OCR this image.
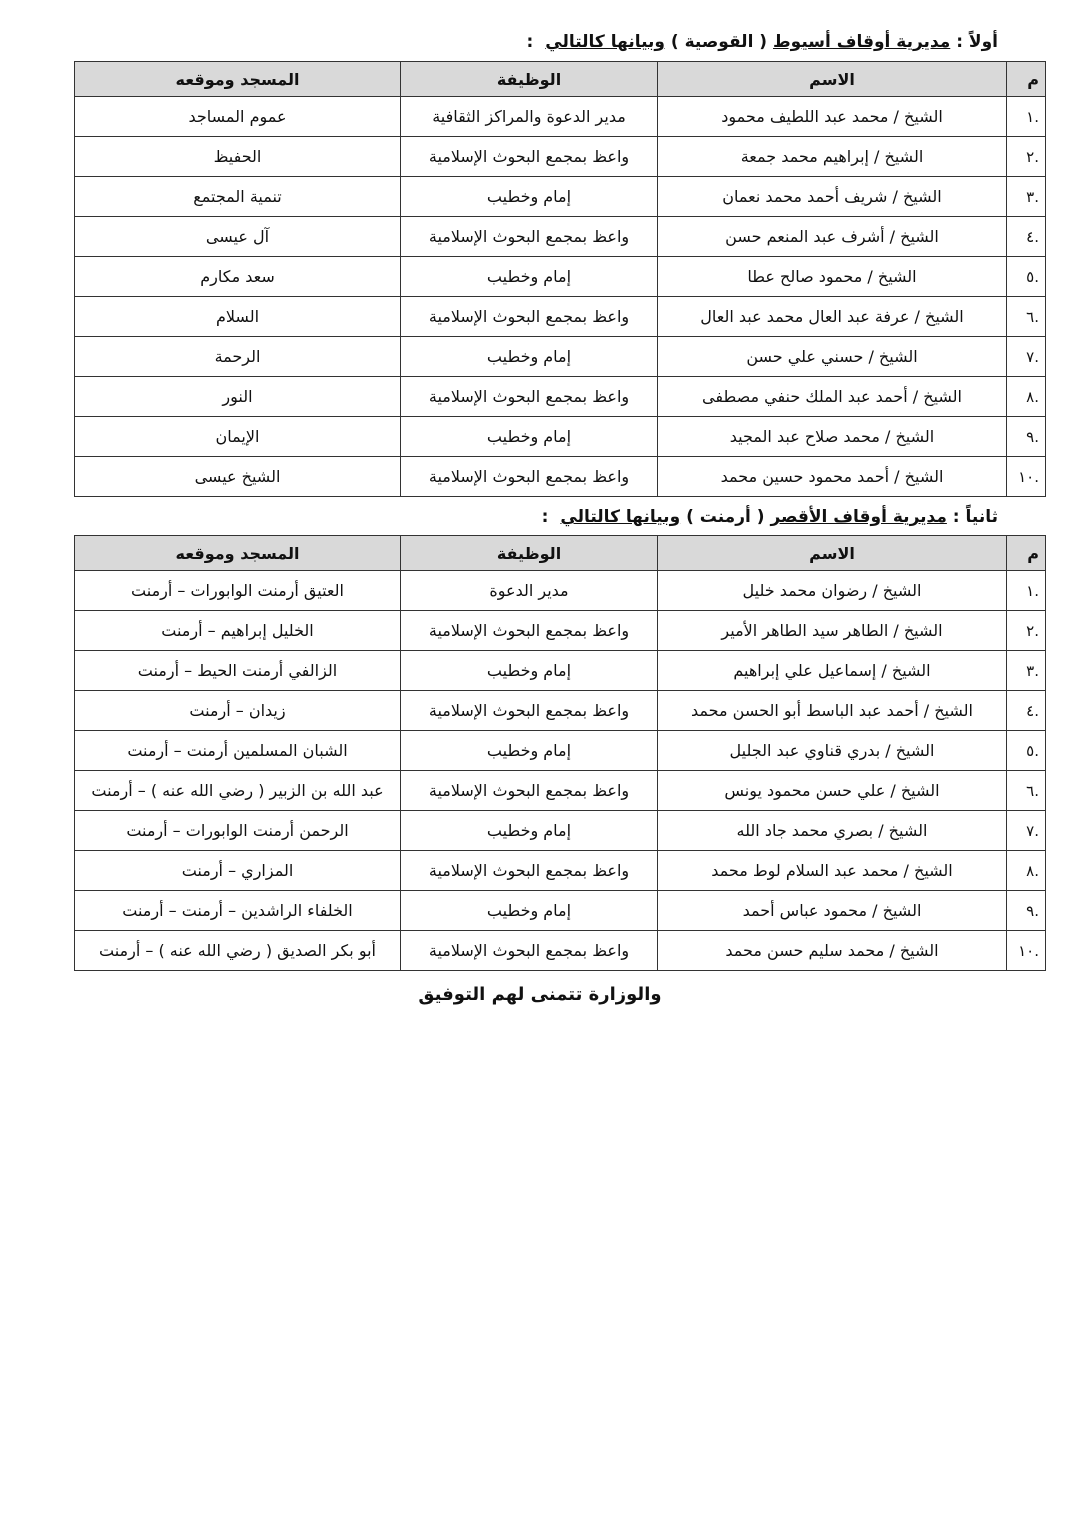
أولاً : مديرية أوقاف أسيوط ( القوصية ) وبيانها كالتالي :
م	الاسم	الوظيفة	المسجد وموقعه
.١	الشيخ / محمد عبد اللطيف محمود	مدير الدعوة والمراكز الثقافية	عموم المساجد
.٢	الشيخ / إبراهيم محمد جمعة	واعظ بمجمع البحوث الإسلامية	الحفيظ
.٣	الشيخ / شريف أحمد محمد نعمان	إمام وخطيب	تنمية المجتمع
.٤	الشيخ / أشرف عبد المنعم حسن	واعظ بمجمع البحوث الإسلامية	آل عيسى
.٥	الشيخ / محمود صالح عطا	إمام وخطيب	سعد مكارم
.٦	الشيخ / عرفة عبد العال محمد عبد العال	واعظ بمجمع البحوث الإسلامية	السلام
.٧	الشيخ / حسني علي حسن	إمام وخطيب	الرحمة
.٨	الشيخ / أحمد عبد الملك حنفي مصطفى	واعظ بمجمع البحوث الإسلامية	النور
.٩	الشيخ / محمد صلاح عبد المجيد	إمام وخطيب	الإيمان
.١٠	الشيخ / أحمد محمود حسين محمد	واعظ بمجمع البحوث الإسلامية	الشيخ عيسى
ثانياً : مديرية أوقاف الأقصر ( أرمنت ) وبيانها كالتالي :
م	الاسم	الوظيفة	المسجد وموقعه
.١	الشيخ / رضوان محمد خليل	مدير الدعوة	العتيق أرمنت الوابورات – أرمنت
.٢	الشيخ / الطاهر سيد الطاهر الأمير	واعظ بمجمع البحوث الإسلامية	الخليل إبراهيم – أرمنت
.٣	الشيخ / إسماعيل علي إبراهيم	إمام وخطيب	الزالفي أرمنت الحيط – أرمنت
.٤	الشيخ / أحمد عبد الباسط أبو الحسن محمد	واعظ بمجمع البحوث الإسلامية	زيدان – أرمنت
.٥	الشيخ / بدري قناوي عبد الجليل	إمام وخطيب	الشبان المسلمين أرمنت – أرمنت
.٦	الشيخ / علي حسن محمود يونس	واعظ بمجمع البحوث الإسلامية	عبد الله بن الزبير ( رضي الله عنه ) – أرمنت
.٧	الشيخ / بصري محمد جاد الله	إمام وخطيب	الرحمن أرمنت الوابورات – أرمنت
.٨	الشيخ / محمد عبد السلام لوط محمد	واعظ بمجمع البحوث الإسلامية	المزاري – أرمنت
.٩	الشيخ / محمود عباس أحمد	إمام وخطيب	الخلفاء الراشدين – أرمنت – أرمنت
.١٠	الشيخ / محمد سليم حسن محمد	واعظ بمجمع البحوث الإسلامية	أبو بكر الصديق ( رضي الله عنه ) – أرمنت
والوزارة تتمنى لهم التوفيق
